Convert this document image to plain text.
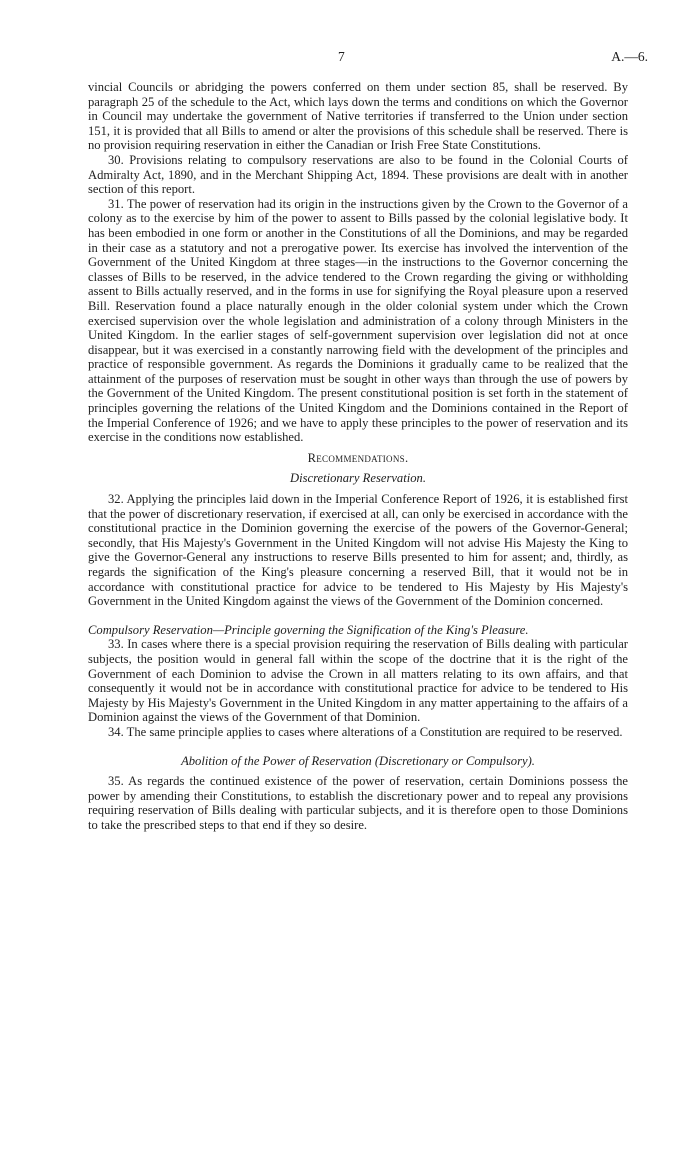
7	A.—6.

vincial Councils or abridging the powers conferred on them under section 85, shall be reserved. By paragraph 25 of the schedule to the Act, which lays down the terms and conditions on which the Governor in Council may undertake the government of Native territories if transferred to the Union under section 151, it is provided that all Bills to amend or alter the provisions of this schedule shall be reserved. There is no provision requiring reservation in either the Canadian or Irish Free State Constitutions.

30. Provisions relating to compulsory reservations are also to be found in the Colonial Courts of Admiralty Act, 1890, and in the Merchant Shipping Act, 1894. These provisions are dealt with in another section of this report.

31. The power of reservation had its origin in the instructions given by the Crown to the Governor of a colony as to the exercise by him of the power to assent to Bills passed by the colonial legislative body. It has been embodied in one form or another in the Constitutions of all the Dominions, and may be regarded in their case as a statutory and not a prerogative power. Its exercise has involved the intervention of the Government of the United Kingdom at three stages—in the instructions to the Governor concerning the classes of Bills to be reserved, in the advice tendered to the Crown regarding the giving or withholding assent to Bills actually reserved, and in the forms in use for signifying the Royal pleasure upon a reserved Bill. Reservation found a place naturally enough in the older colonial system under which the Crown exercised supervision over the whole legislation and administration of a colony through Ministers in the United Kingdom. In the earlier stages of self-government supervision over legislation did not at once disappear, but it was exercised in a constantly narrowing field with the development of the principles and practice of responsible government. As regards the Dominions it gradually came to be realized that the attainment of the purposes of reservation must be sought in other ways than through the use of powers by the Government of the United Kingdom. The present constitutional position is set forth in the statement of principles governing the relations of the United Kingdom and the Dominions contained in the Report of the Imperial Conference of 1926; and we have to apply these principles to the power of reservation and its exercise in the conditions now established.

Recommendations.

Discretionary Reservation.

32. Applying the principles laid down in the Imperial Conference Report of 1926, it is established first that the power of discretionary reservation, if exercised at all, can only be exercised in accordance with the constitutional practice in the Dominion governing the exercise of the powers of the Governor-General; secondly, that His Majesty's Government in the United Kingdom will not advise His Majesty the King to give the Governor-General any instructions to reserve Bills presented to him for assent; and, thirdly, as regards the signification of the King's pleasure concerning a reserved Bill, that it would not be in accordance with constitutional practice for advice to be tendered to His Majesty by His Majesty's Government in the United Kingdom against the views of the Government of the Dominion concerned.

Compulsory Reservation—Principle governing the Signification of the King's Pleasure.

33. In cases where there is a special provision requiring the reservation of Bills dealing with particular subjects, the position would in general fall within the scope of the doctrine that it is the right of the Government of each Dominion to advise the Crown in all matters relating to its own affairs, and that consequently it would not be in accordance with constitutional practice for advice to be tendered to His Majesty by His Majesty's Government in the United Kingdom in any matter appertaining to the affairs of a Dominion against the views of the Government of that Dominion.

34. The same principle applies to cases where alterations of a Constitution are required to be reserved.

Abolition of the Power of Reservation (Discretionary or Compulsory).

35. As regards the continued existence of the power of reservation, certain Dominions possess the power by amending their Constitutions, to establish the discretionary power and to repeal any provisions requiring reservation of Bills dealing with particular subjects, and it is therefore open to those Dominions to take the prescribed steps to that end if they so desire.
